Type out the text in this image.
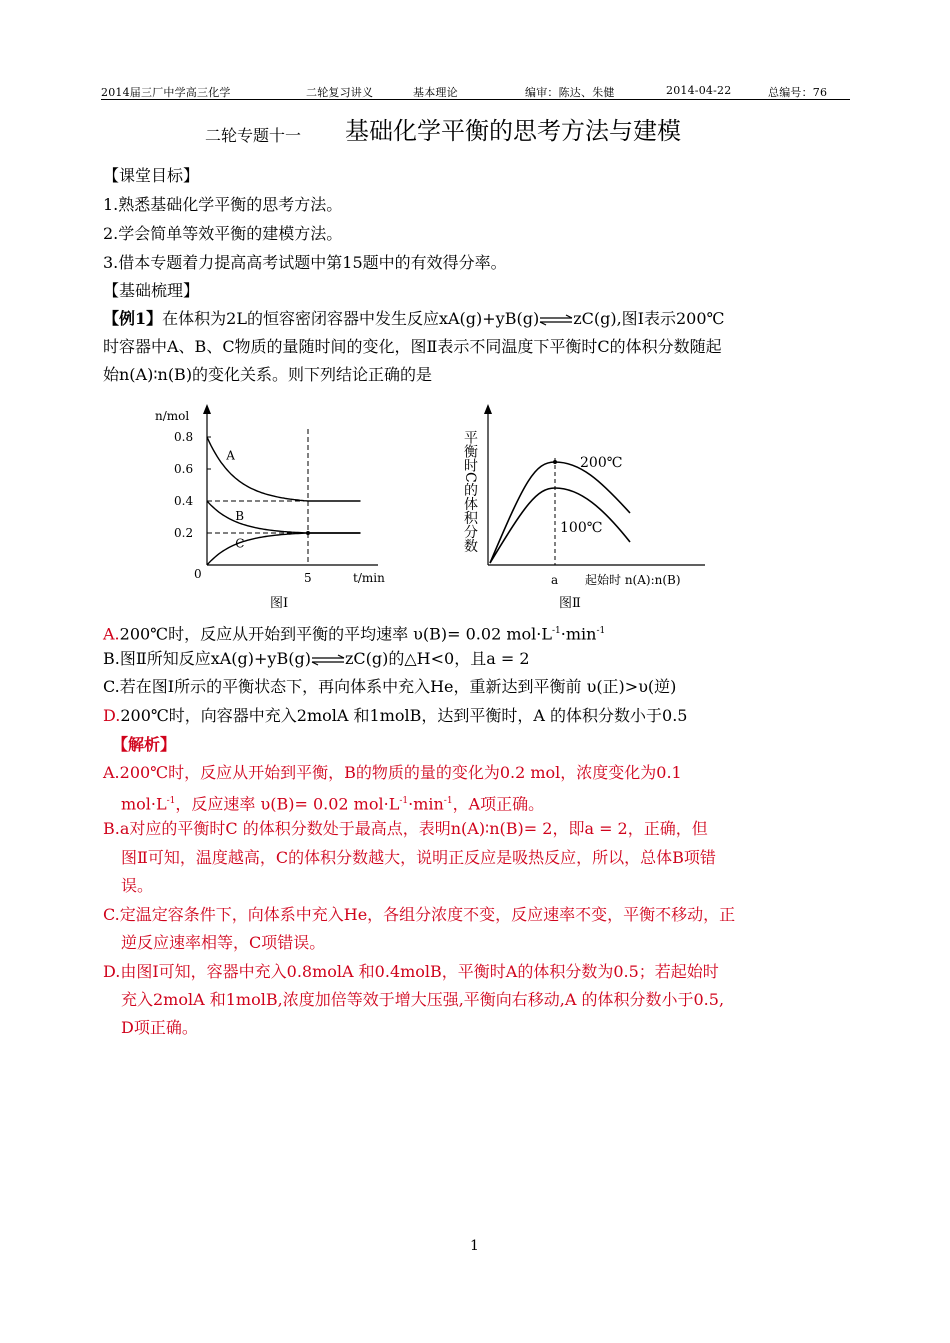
2014届三厂中学高三化学	二轮复习讲义	基本理论	编审：陈达、朱健	2014-04-22	总编号：76
二轮专题十一 基础化学平衡的思考方法与建模
【课堂目标】
1.熟悉基础化学平衡的思考方法。
2.学会简单等效平衡的建模方法。
3.借本专题着力提高高考试题中第15题中的有效得分率。
【基础梳理】
【例1】在体积为2L的恒容密闭容器中发生反应xA(g)+yB(g)⇌zC(g),图Ⅰ表示200℃
时容器中A、B、C物质的量随时间的变化，图Ⅱ表示不同温度下平衡时C的体积分数随起
始n(A)∶n(B)的变化关系。则下列结论正确的是
n/mol
t/min
0	5
图Ⅰ
0.8
0.6
0.4
0.2
A
B
C	平衡时C的体积分数
a 起始时 n(A):n(B)
图Ⅱ
200℃
100℃
A.200℃时，反应从开始到平衡的平均速率 υ(B)= 0.02 $mol\cdot L^{-1}\cdot\min^{-1}$
B.图Ⅱ所知反应xA(g)+yB(g)⇌zC(g)的△H<0，且a = 2
C.若在图Ⅰ所示的平衡状态下，再向体系中充入He，重新达到平衡前 υ(正)>υ(逆)
D.200℃时，向容器中充入2molA 和1molB，达到平衡时，A 的体积分数小于0.5
【解析】
A.200℃时，反应从开始到平衡，B的物质的量的变化为0.2 mol，浓度变化为0.1
$mol\cdot L^{-1}$，反应速率 υ(B)= 0.02 $mol\cdot L^{-1}\cdot\min^{-1}$，A项正确。
B.a对应的平衡时C 的体积分数处于最高点，表明n(A)∶n(B)= 2，即a = 2，正确，但
图Ⅱ可知，温度越高，C的体积分数越大，说明正反应是吸热反应，所以，总体B项错
误。
C.定温定容条件下，向体系中充入He，各组分浓度不变，反应速率不变，平衡不移动，正
逆反应速率相等，C项错误。
D.由图Ⅰ可知，容器中充入0.8molA 和0.4molB，平衡时A的体积分数为0.5；若起始时
充入2molA 和1molB,浓度加倍等效于增大压强,平衡向右移动,A 的体积分数小于0.5,
D项正确。
1
